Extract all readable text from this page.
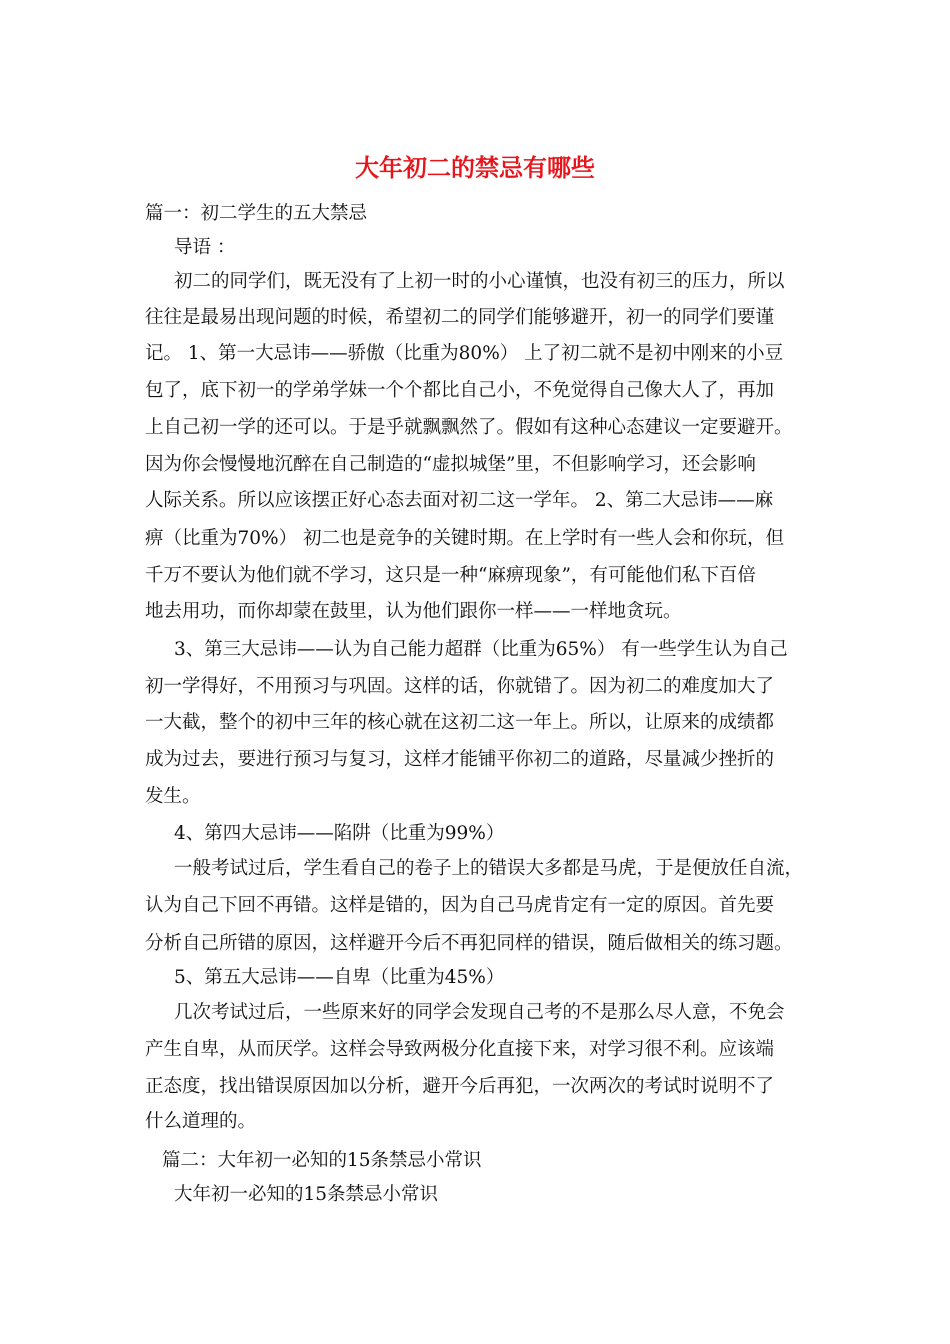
大年初二的禁忌有哪些
篇一：初二学生的五大禁忌
导语 ：
初二的同学们，既无没有了上初一时的小心谨慎，也没有初三的压力，所以
往往是最易出现问题的时候，希望初二的同学们能够避开，初一的同学们要谨
记。 1、第一大忌讳——骄傲（比重为80%） 上了初二就不是初中刚来的小豆
包了，底下初一的学弟学妹一个个都比自己小，不免觉得自己像大人了，再加
上自己初一学的还可以。于是乎就飘飘然了。假如有这种心态建议一定要避开。
因为你会慢慢地沉醉在自己制造的“虚拟城堡”里，不但影响学习，还会影响
人际关系。所以应该摆正好心态去面对初二这一学年。 2、第二大忌讳——麻
痹（比重为70%） 初二也是竞争的关键时期。在上学时有一些人会和你玩，但
千万不要认为他们就不学习，这只是一种“麻痹现象”，有可能他们私下百倍
地去用功，而你却蒙在鼓里，认为他们跟你一样——一样地贪玩。
3、第三大忌讳——认为自己能力超群（比重为65%） 有一些学生认为自己
初一学得好，不用预习与巩固。这样的话，你就错了。因为初二的难度加大了
一大截，整个的初中三年的核心就在这初二这一年上。所以，让原来的成绩都
成为过去，要进行预习与复习，这样才能铺平你初二的道路，尽量减少挫折的
发生。
4、第四大忌讳——陷阱（比重为99%）
一般考试过后，学生看自己的卷子上的错误大多都是马虎，于是便放任自流，
认为自己下回不再错。这样是错的，因为自己马虎肯定有一定的原因。首先要
分析自己所错的原因，这样避开今后不再犯同样的错误，随后做相关的练习题。
5、第五大忌讳——自卑（比重为45%）
几次考试过后，一些原来好的同学会发现自己考的不是那么尽人意，不免会
产生自卑，从而厌学。这样会导致两极分化直接下来，对学习很不利。应该端
正态度，找出错误原因加以分析，避开今后再犯，一次两次的考试时说明不了
什么道理的。
篇二：大年初一必知的15条禁忌小常识
大年初一必知的15条禁忌小常识
